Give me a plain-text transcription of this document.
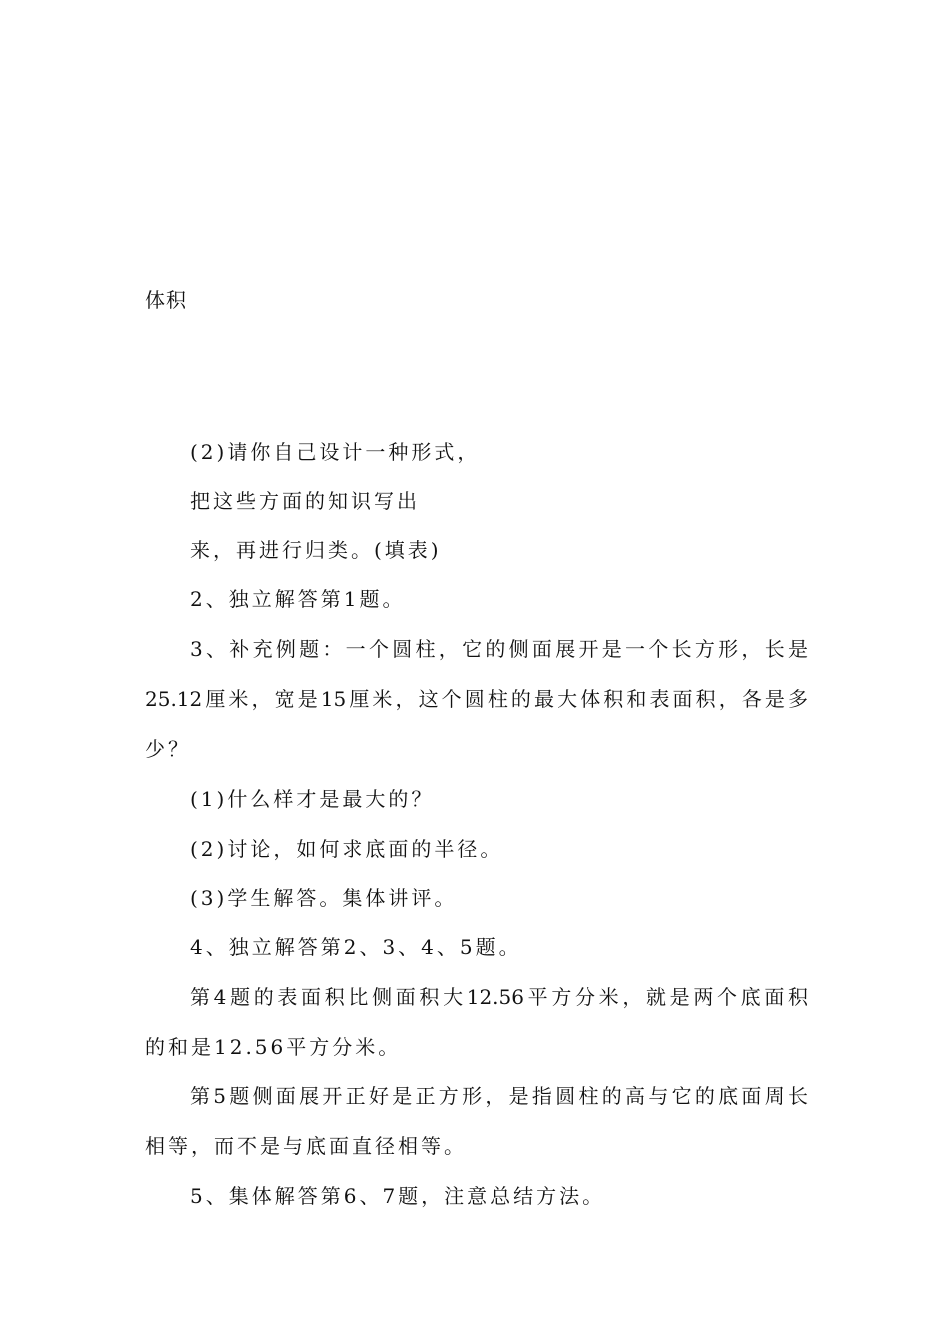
体积
(2)请你自己设计一种形式，
把这些方面的知识写出
来，再进行归类。(填表)
2、独立解答第1题。
3、补充例题：一个圆柱，它的侧面展开是一个长方形，长是
25.12厘米，宽是15厘米，这个圆柱的最大体积和表面积，各是多
少？
(1)什么样才是最大的？
(2)讨论，如何求底面的半径。
(3)学生解答。集体讲评。
4、独立解答第2、3、4、5题。
第4题的表面积比侧面积大12.56平方分米，就是两个底面积
的和是12.56平方分米。
第5题侧面展开正好是正方形，是指圆柱的高与它的底面周长
相等，而不是与底面直径相等。
5、集体解答第6、7题，注意总结方法。
